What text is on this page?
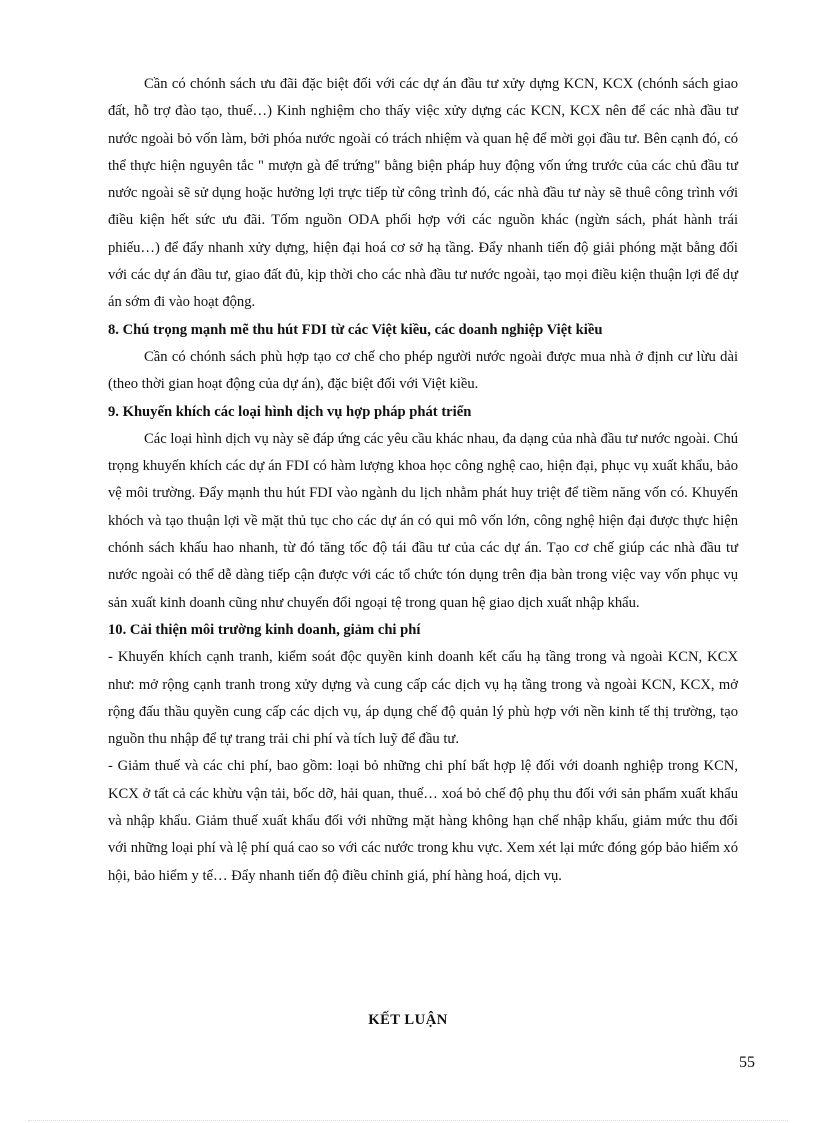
Cần có chónh sách ưu đãi đặc biệt đối với các dự án đầu tư xửy dựng KCN, KCX (chónh sách giao đất, hỗ trợ đào tạo, thuế…) Kinh nghiệm cho thấy việc xửy dựng các KCN, KCX nên để các nhà đầu tư nước ngoài bỏ vốn làm, bởi phóa nước ngoài có trách nhiệm và quan hệ để mời gọi đầu tư. Bên cạnh đó, có thể thực hiện nguyên tắc " mượn gà để trứng" bằng biện pháp huy động vốn ứng trước của các chủ đầu tư nước ngoài sẽ sử dụng hoặc hưởng lợi trực tiếp từ công trình đó, các nhà đầu tư này sẽ thuê công trình với điều kiện hết sức ưu đãi. Tốm nguồn ODA phối hợp với các nguồn khác (ngừn sách, phát hành trái phiếu…) để đẩy nhanh xửy dựng, hiện đại hoá cơ sở hạ tầng. Đẩy nhanh tiến độ giải phóng mặt bằng đối với các dự án đầu tư, giao đất đủ, kịp thời cho các nhà đầu tư nước ngoài, tạo mọi điều kiện thuận lợi để dự án sớm đi vào hoạt động.

8. Chú trọng mạnh mẽ thu hút FDI từ các Việt kiều, các doanh nghiệp Việt kiều

Cần có chónh sách phù hợp tạo cơ chế cho phép người nước ngoài được mua nhà ở định cư lừu dài (theo thời gian hoạt động của dự án), đặc biệt đối với Việt kiều.

9. Khuyến khích các loại hình dịch vụ hợp pháp phát triển

Các loại hình dịch vụ này sẽ đáp ứng các yêu cầu khác nhau, đa dạng của nhà đầu tư nước ngoài. Chú trọng khuyến khích các dự án FDI có hàm lượng khoa học công nghệ cao, hiện đại, phục vụ xuất khẩu, bảo vệ môi trường. Đẩy mạnh thu hút FDI vào ngành du lịch nhằm phát huy triệt để tiềm năng vốn có. Khuyến khóch và tạo thuận lợi về mặt thủ tục cho các dự án có qui mô vốn lớn, công nghệ hiện đại được thực hiện chónh sách khấu hao nhanh, từ đó tăng tốc độ tái đầu tư của các dự án. Tạo cơ chế giúp các nhà đầu tư nước ngoài có thể dễ dàng tiếp cận được với các tổ chức tón dụng trên địa bàn trong việc vay vốn phục vụ sản xuất kinh doanh cũng như chuyển đổi ngoại tệ trong quan hệ giao dịch xuất nhập khẩu.

10. Cải thiện môi trường kinh doanh, giảm chi phí

- Khuyến khích cạnh tranh, kiểm soát độc quyền kinh doanh kết cấu hạ tầng trong và ngoài KCN, KCX như: mở rộng cạnh tranh trong xửy dựng và cung cấp các dịch vụ hạ tầng trong và ngoài KCN, KCX, mở rộng đấu thầu quyền cung cấp các dịch vụ, áp dụng chế độ quản lý phù hợp với nền kinh tế thị trường, tạo nguồn thu nhập để tự trang trải chi phí và tích luỹ để đầu tư.

- Giảm thuế và các chi phí, bao gồm: loại bỏ những chi phí bất hợp lệ đối với doanh nghiệp trong KCN, KCX ở tất cả các khừu vận tải, bốc dỡ, hải quan, thuế… xoá bỏ chế độ phụ thu đối với sản phẩm xuất khẩu và nhập khẩu. Giảm thuế xuất khẩu đối với những mặt hàng không hạn chế nhập khẩu, giảm mức thu đối với những loại phí và lệ phí quá cao so với các nước trong khu vực. Xem xét lại mức đóng góp bảo hiểm xó hội, bảo hiểm y tế… Đẩy nhanh tiến độ điều chỉnh giá, phí hàng hoá, dịch vụ.

KẾT LUẬN
55
